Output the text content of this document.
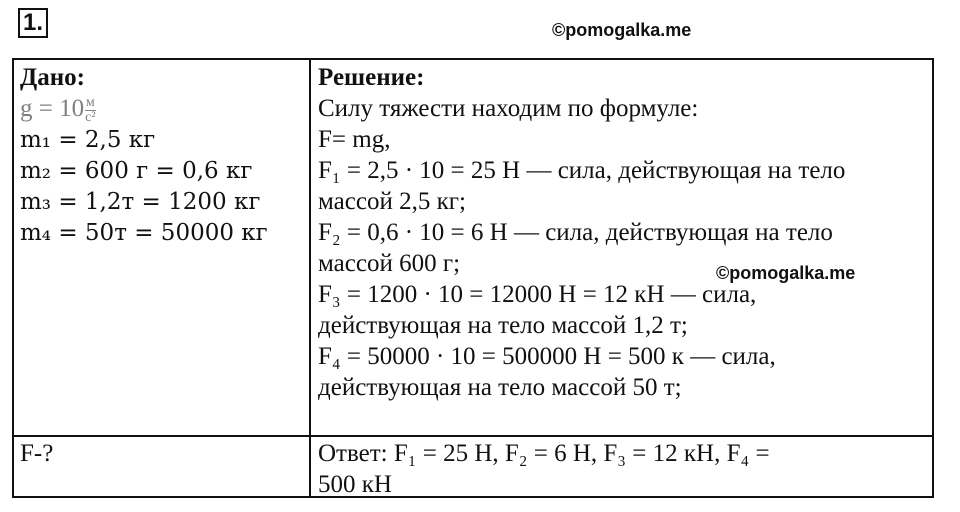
1.	©pomogalka.me
Дано:
$g = 10 \frac{м}{\text{с²}}$
m₁ = 2,5 кг
m₂ = 600 г = 0,6 кг
m₃ = 1,2т = 1200 кг
m₄ = 50т = 50000 кг
Решение:
Силу тяжести находим по формуле:
F= mg,
F₁ = 2,5 · 10 = 25 Н — сила, действующая на тело
массой 2,5 кг;
F₂ = 0,6 · 10 = 6 Н — сила, действующая на тело
массой 600 г;
F₃ = 1200 · 10 = 12000 Н = 12 кН — сила,
действующая на тело массой 1,2 т;
F₄ = 50000 · 10 = 500000 Н = 500 к — сила,
действующая на тело массой 50 т;
F-?	Ответ: F₁ = 25 Н, F₂ = 6 Н, F₃ = 12 кН, F₄ =
500 кН
©pomogalka.me
